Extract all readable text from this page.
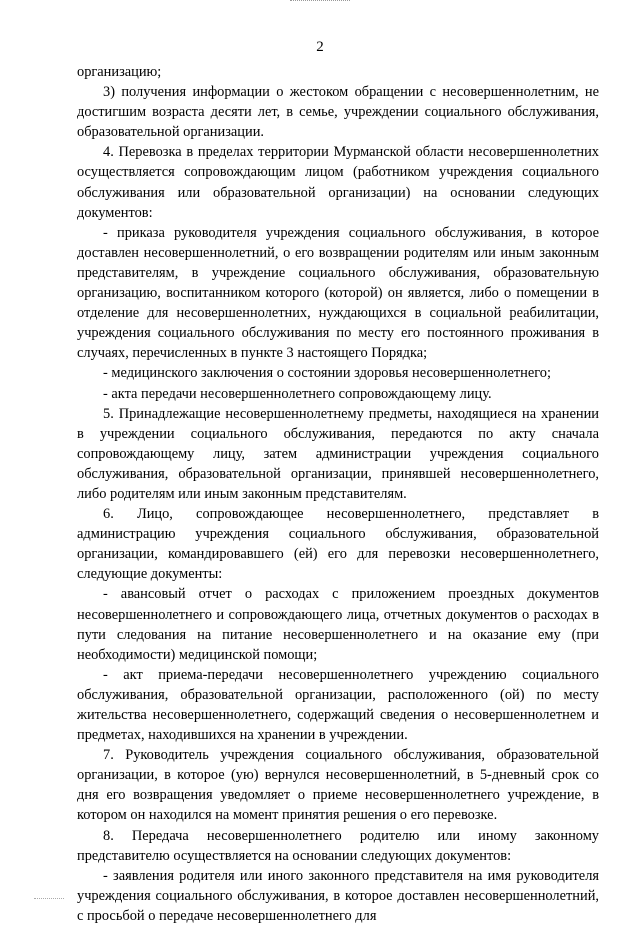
2

организацию;

3) получения информации о жестоком обращении с несовершеннолетним, не достигшим возраста десяти лет, в семье, учреждении социального обслуживания, образовательной организации.

4. Перевозка в пределах территории Мурманской области несовершеннолетних осуществляется сопровождающим лицом (работником учреждения социального обслуживания или образовательной организации) на основании следующих документов:

- приказа руководителя учреждения социального обслуживания, в которое доставлен несовершеннолетний, о его возвращении родителям или иным законным представителям, в учреждение социального обслуживания, образовательную организацию, воспитанником которого (которой) он является, либо о помещении в отделение для несовершеннолетних, нуждающихся в социальной реабилитации, учреждения социального обслуживания по месту его постоянного проживания в случаях, перечисленных в пункте 3 настоящего Порядка;

- медицинского заключения о состоянии здоровья несовершеннолетнего;

- акта передачи несовершеннолетнего сопровождающему лицу.

5. Принадлежащие несовершеннолетнему предметы, находящиеся на хранении в учреждении социального обслуживания, передаются по акту сначала сопровождающему лицу, затем администрации учреждения социального обслуживания, образовательной организации, принявшей несовершеннолетнего, либо родителям или иным законным представителям.

6. Лицо, сопровождающее несовершеннолетнего, представляет в администрацию учреждения социального обслуживания, образовательной организации, командировавшего (ей) его для перевозки несовершеннолетнего, следующие документы:

- авансовый отчет о расходах с приложением проездных документов несовершеннолетнего и сопровождающего лица, отчетных документов о расходах в пути следования на питание несовершеннолетнего и на оказание ему (при необходимости) медицинской помощи;

- акт приема-передачи несовершеннолетнего учреждению социального обслуживания, образовательной организации, расположенного (ой) по месту жительства несовершеннолетнего, содержащий сведения о несовершеннолетнем и предметах, находившихся на хранении в учреждении.

7. Руководитель учреждения социального обслуживания, образовательной организации, в которое (ую) вернулся несовершеннолетний, в 5-дневный срок со дня его возвращения уведомляет о приеме несовершеннолетнего учреждение, в котором он находился на момент принятия решения о его перевозке.

8. Передача несовершеннолетнего родителю или иному законному представителю осуществляется на основании следующих документов:

- заявления родителя или иного законного представителя на имя руководителя учреждения социального обслуживания, в которое доставлен несовершеннолетний, с просьбой о передаче несовершеннолетнего для
